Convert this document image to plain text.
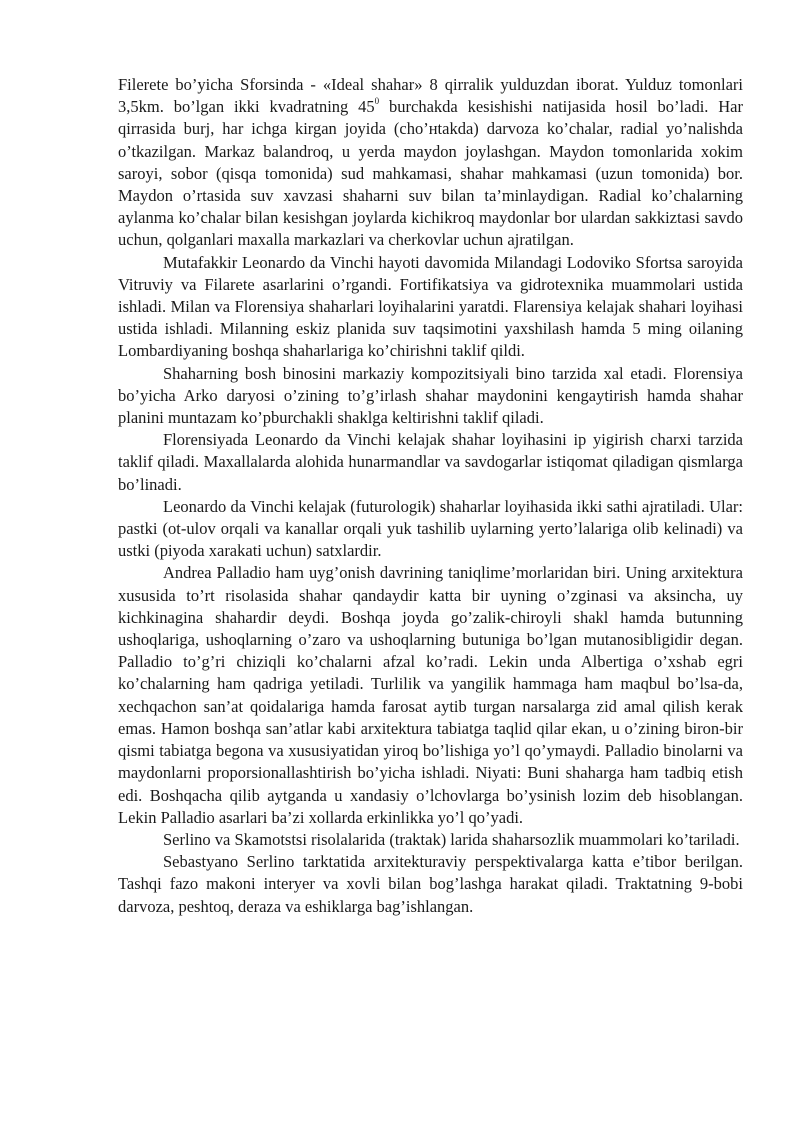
Filerete bo’yicha Sforsinda - «Ideal shahar» 8 qirralik yulduzdan iborat. Yulduz tomonlari 3,5km. bo’lgan ikki kvadratning $45^0$ burchakda kesishishi natijasida hosil bo’ladi. Har qirrasida burj, har ichga kirgan joyida (cho’нtakda) darvoza ko’chalar, radial yo’nalishda o’tkazilgan. Markaz balandroq, u yerda maydon joylashgan. Maydon tomonlarida xokim saroyi, sobor (qisqa tomonida) sud mahkamasi, shahar mahkamasi (uzun tomonida) bor. Maydon o’rtasida suv xavzasi shaharni suv bilan ta’minlaydigan. Radial ko’chalarning aylanma ko’chalar bilan kesishgan joylarda kichikroq maydonlar bor ulardan sakkiztasi savdo uchun, qolganlari maxalla markazlari va cherkovlar uchun ajratilgan.

Mutafakkir Leonardo da Vinchi hayoti davomida Milandagi Lodoviko Sfortsa saroyida Vitruviy va Filarete asarlarini o’rgandi. Fortifikatsiya va gidrotexnika muammolari ustida ishladi. Milan va Florensiya shaharlari loyihalarini yaratdi. Flarensiya kelajak shahari loyihasi ustida ishladi. Milanning eskiz planida suv taqsimotini yaxshilash hamda 5 ming oilaning Lombardiyaning boshqa shaharlariga ko’chirishni taklif qildi.

Shaharning bosh binosini markaziy kompozitsiyali bino tarzida xal etadi. Florensiya bo’yicha Arko daryosi o’zining to’g’irlash shahar maydonini kengaytirish hamda shahar planini muntazam ko’pburchakli shaklga keltirishni taklif qiladi.

Florensiyada Leonardo da Vinchi kelajak shahar loyihasini ip yigirish charxi tarzida taklif qiladi. Maxallalarda alohida hunarmandlar va savdogarlar istiqomat qiladigan qismlarga bo’linadi.

Leonardo da Vinchi kelajak (futurologik) shaharlar loyihasida ikki sathi ajratiladi. Ular: pastki (ot-ulov orqali va kanallar orqali yuk tashilib uylarning yerto’lalariga olib kelinadi) va ustki (piyoda xarakati uchun) satxlardir.

Andrea Palladio ham uyg’onish davrining taniqlime’morlaridan biri. Uning arxitektura xususida to’rt risolasida shahar qandaydir katta bir uyning o’zginasi va aksincha, uy kichkinagina shahardir deydi. Boshqa joyda go’zalik-chiroyli shakl hamda butunning ushoqlariga, ushoqlarning o’zaro va ushoqlarning butuniga bo’lgan mutanosibligidir degan. Palladio to’g’ri chiziqli ko’chalarni afzal ko’radi. Lekin unda Albertiga o’xshab egri ko’chalarning ham qadriga yetiladi. Turlilik va yangilik hammaga ham maqbul bo’lsa-da, xechqachon san’at qoidalariga hamda farosat aytib turgan narsalarga zid amal qilish kerak emas. Hamon boshqa san’atlar kabi arxitektura tabiatga taqlid qilar ekan, u o’zining biron-bir qismi tabiatga begona va xususiyatidan yiroq bo’lishiga yo’l qo’ymaydi. Palladio binolarni va maydonlarni proporsionallashtirish bo’yicha ishladi. Niyati: Buni shaharga ham tadbiq etish edi. Boshqacha qilib aytganda u xandasiy o’lchovlarga bo’ysinish lozim deb hisoblangan. Lekin Palladio asarlari ba’zi xollarda erkinlikka yo’l qo’yadi.

Serlino va Skamotstsi risolalarida (traktak) larida shaharsozlik muammolari ko’tariladi.

Sebastyano Serlino tarktatida arxitekturaviy perspektivalarga katta e’tibor berilgan. Tashqi fazo makoni interyer va xovli bilan bog’lashga harakat qiladi. Traktatning 9-bobi darvoza, peshtoq, deraza va eshiklarga bag’ishlangan.
